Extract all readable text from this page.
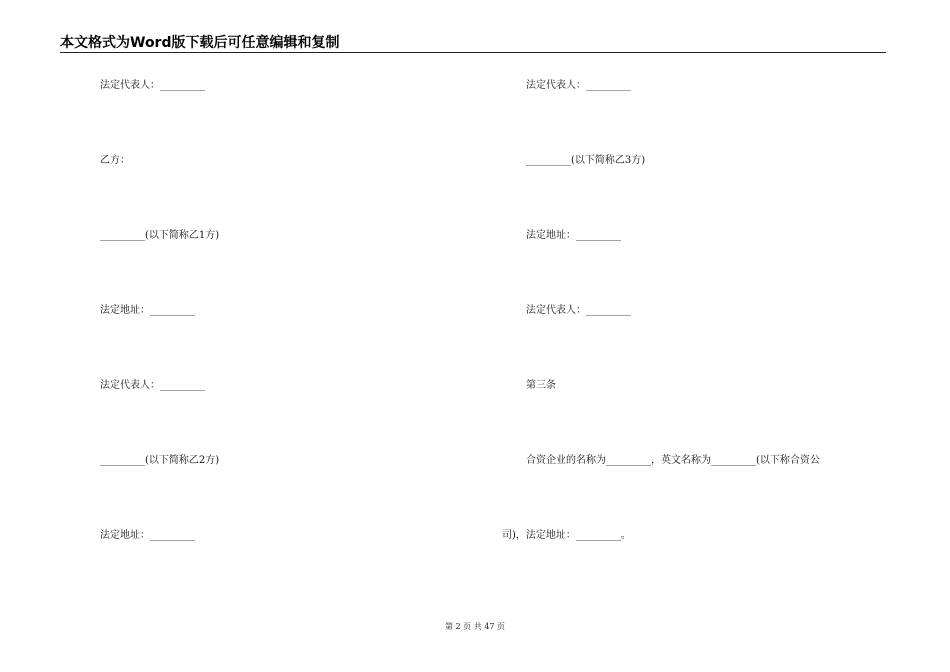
本文格式为Word版下载后可任意编辑和复制
法定代表人：_________
乙方：
_________(以下简称乙1方)
法定地址：_________
法定代表人：_________
_________(以下简称乙2方)
法定地址：_________
法定代表人：_________
_________(以下简称乙3方)
法定地址：_________
法定代表人：_________
第三条
合资企业的名称为_________，英文名称为_________(以下称合资公
司)，法定地址：_________。
第 2 页 共 47 页
